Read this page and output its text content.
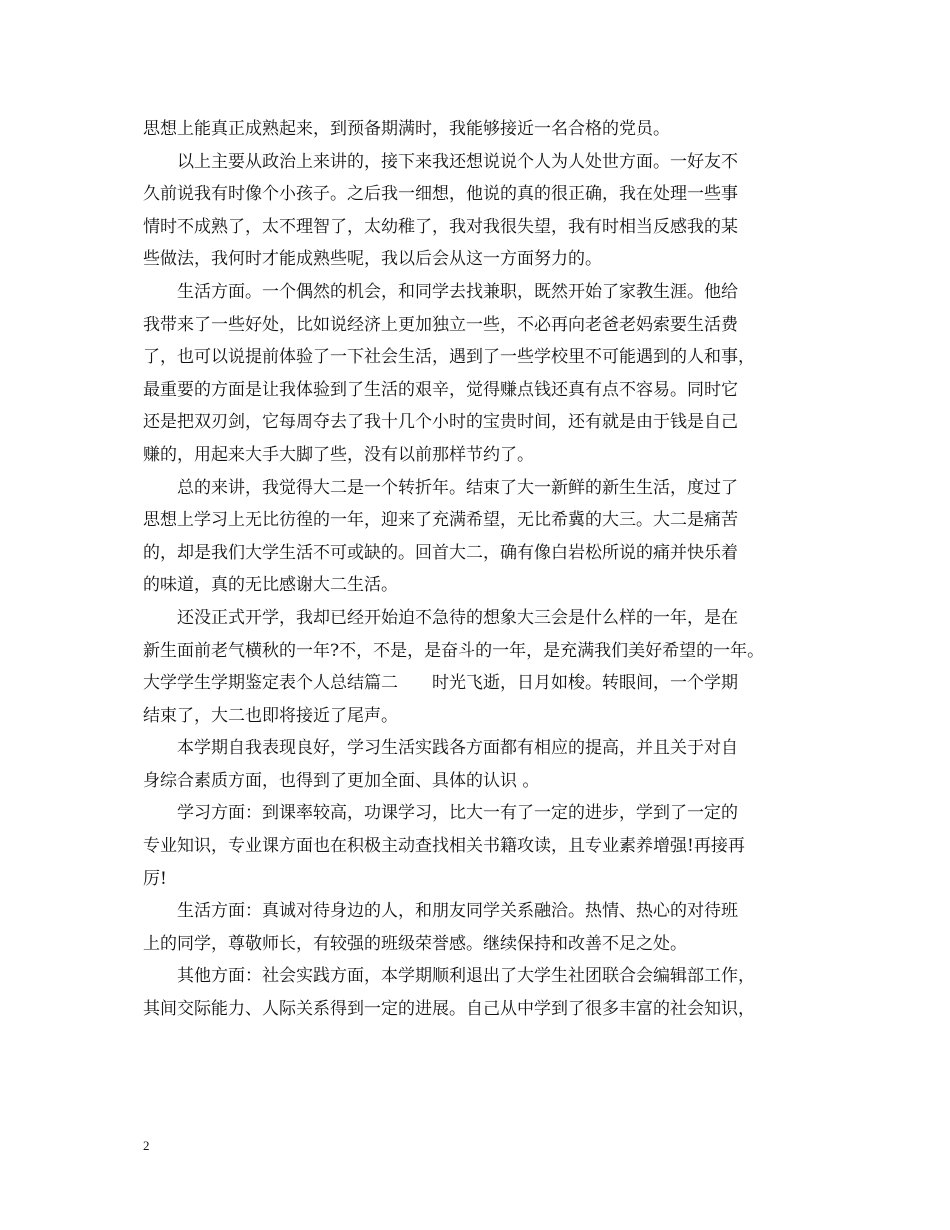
思想上能真正成熟起来，到预备期满时，我能够接近一名合格的党员。
　　以上主要从政治上来讲的，接下来我还想说说个人为人处世方面。一好友不
久前说我有时像个小孩子。之后我一细想，他说的真的很正确，我在处理一些事
情时不成熟了，太不理智了，太幼稚了，我对我很失望，我有时相当反感我的某
些做法，我何时才能成熟些呢，我以后会从这一方面努力的。
　　生活方面。一个偶然的机会，和同学去找兼职，既然开始了家教生涯。他给
我带来了一些好处，比如说经济上更加独立一些，不必再向老爸老妈索要生活费
了，也可以说提前体验了一下社会生活，遇到了一些学校里不可能遇到的人和事，
最重要的方面是让我体验到了生活的艰辛，觉得赚点钱还真有点不容易。同时它
还是把双刃剑，它每周夺去了我十几个小时的宝贵时间，还有就是由于钱是自己
赚的，用起来大手大脚了些，没有以前那样节约了。
　　总的来讲，我觉得大二是一个转折年。结束了大一新鲜的新生生活，度过了
思想上学习上无比彷徨的一年，迎来了充满希望，无比希冀的大三。大二是痛苦
的，却是我们大学生活不可或缺的。回首大二，确有像白岩松所说的痛并快乐着
的味道，真的无比感谢大二生活。
　　还没正式开学，我却已经开始迫不急待的想象大三会是什么样的一年，是在
新生面前老气横秋的一年?不，不是，是奋斗的一年，是充满我们美好希望的一年。
大学学生学期鉴定表个人总结篇二　　时光飞逝，日月如梭。转眼间，一个学期
结束了，大二也即将接近了尾声。
　　本学期自我表现良好，学习生活实践各方面都有相应的提高，并且关于对自
身综合素质方面，也得到了更加全面、具体的认识 。
　　学习方面：到课率较高，功课学习，比大一有了一定的进步，学到了一定的
专业知识，专业课方面也在积极主动查找相关书籍攻读，且专业素养增强!再接再
厉!
　　生活方面：真诚对待身边的人，和朋友同学关系融洽。热情、热心的对待班
上的同学，尊敬师长，有较强的班级荣誉感。继续保持和改善不足之处。
　　其他方面：社会实践方面，本学期顺利退出了大学生社团联合会编辑部工作，
其间交际能力、人际关系得到一定的进展。自己从中学到了很多丰富的社会知识，
2
